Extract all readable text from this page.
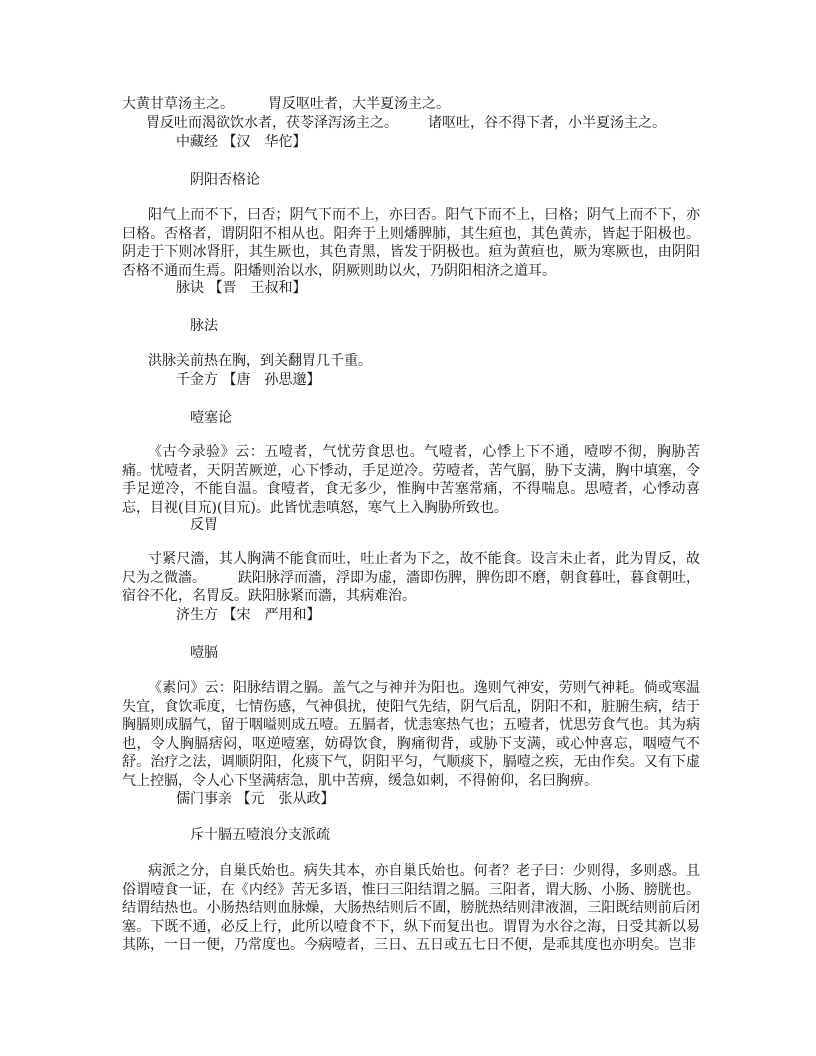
大黄甘草汤主之。 胃反呕吐者，大半夏汤主之。
胃反吐而渴欲饮水者，茯苓泽泻汤主之。 诸呕吐，谷不得下者，小半夏汤主之。
中藏经 【汉　华佗】
阴阳否格论
阳气上而不下，曰否；阴气下而不上，亦曰否。阳气下而不上，曰格；阴气上而不下，亦曰格。否格者，谓阴阳不相从也。阳奔于上则燔脾肺，其生疸也，其色黄赤，皆起于阳极也。阴走于下则冰肾肝，其生厥也，其色青黑，皆发于阴极也。疸为黄疸也，厥为寒厥也，由阴阳否格不通而生焉。阳燔则治以水，阴厥则助以火，乃阴阳相济之道耳。
脉诀 【晋　王叔和】
脉法
洪脉关前热在胸，到关翻胃几千重。
千金方 【唐　孙思邈】
噎塞论
《古今录验》云：五噎者，气忧劳食思也。气噎者，心悸上下不通，噎哕不彻，胸胁苦痛。忧噎者，天阴苦厥逆，心下悸动，手足逆冷。劳噎者，苦气膈，胁下支满，胸中填塞，令手足逆冷，不能自温。食噎者，食无多少，惟胸中苦塞常痛，不得喘息。思噎者，心悸动喜忘，目视(目巟)(目巟)。此皆忧恚嗔怒，寒气上入胸胁所致也。
反胃
寸紧尺濇，其人胸满不能食而吐，吐止者为下之，故不能食。设言未止者，此为胃反，故尺为之微濇。 趺阳脉浮而濇，浮即为虚，濇即伤脾，脾伤即不磨，朝食暮吐，暮食朝吐，宿谷不化，名胃反。趺阳脉紧而濇，其病难治。
济生方 【宋　严用和】
噎膈
《素问》云：阳脉结谓之膈。盖气之与神并为阳也。逸则气神安，劳则气神耗。倘或寒温失宜，食饮乖度，七情伤感，气神俱扰，使阳气先结，阴气后乱，阴阳不和，脏腑生病，结于胸膈则成膈气，留于咽嗌则成五噎。五膈者，忧恚寒热气也；五噎者，忧思劳食气也。其为病也，令人胸膈痞闷，呕逆噎塞，妨碍饮食，胸痛彻背，或胁下支满，或心忡喜忘，咽噎气不舒。治疗之法，调顺阴阳，化痰下气，阴阳平匀，气顺痰下，膈噎之疾，无由作矣。又有下虚气上控膈，令人心下坚满痞急，肌中苦痹，缓急如刺，不得俯仰，名曰胸痹。
儒门事亲 【元　张从政】
斥十膈五噎浪分支派疏
病派之分，自巢氏始也。病失其本，亦自巢氏始也。何者？老子曰：少则得，多则惑。且俗谓噎食一证，在《内经》苦无多语，惟曰三阳结谓之膈。三阳者，谓大肠、小肠、膀胱也。结谓结热也。小肠热结则血脉燥，大肠热结则后不圊，膀胱热结则津液涸，三阳既结则前后闭塞。下既不通，必反上行，此所以噎食不下，纵下而复出也。谓胃为水谷之海，日受其新以易其陈，一日一便，乃常度也。今病噎者，三日、五日或五七日不便，是乖其度也亦明矣。岂非
